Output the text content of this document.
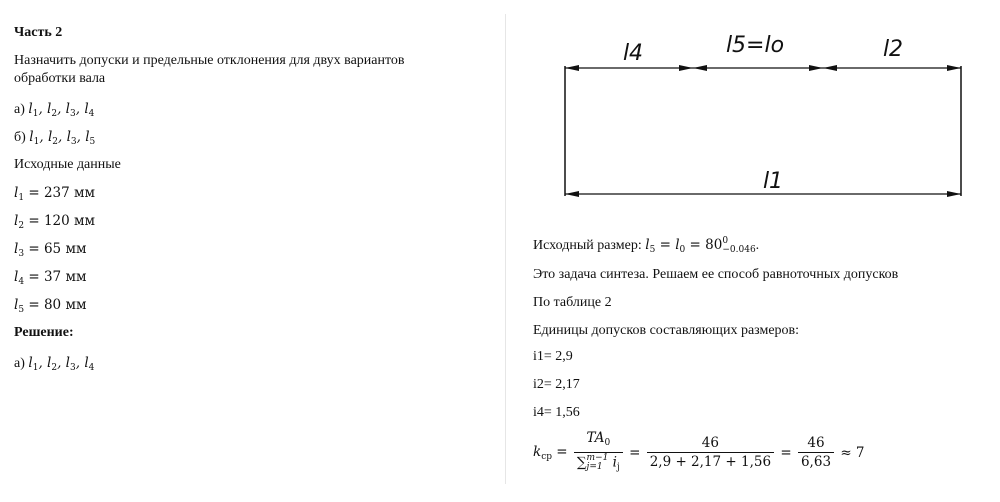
Часть 2
Назначить допуски и предельные отклонения для двух вариантов
обработки вала
а) $l_1$, $l_2$, $l_3$, $l_4$
б) $l_1$, $l_2$, $l_3$, $l_5$
Исходные данные
$l_1 = 237$ мм
$l_2 = 120$ мм
$l_3 = 65$ мм
$l_4 = 37$ мм
$l_5 = 80$ мм
Решение:
а) $l_1$, $l_2$, $l_3$, $l_4$
l4	l5=lo	l2
l1
Исходный размер: $l_5 = l_0 = 80$ 0
−0.046 .
Это задача синтеза. Решаем ее способ равноточных допусков
По таблице 2
Единицы допусков составляющих размеров:
i1= 2,9
i2= 2,17
i4= 1,56
$k_{cp} = TA_0$
∑ m−1
j=1 $i_j = \frac{46}{2,9 + 2,17 + 1,56} = \frac{46}{6,63} \approx 7$
